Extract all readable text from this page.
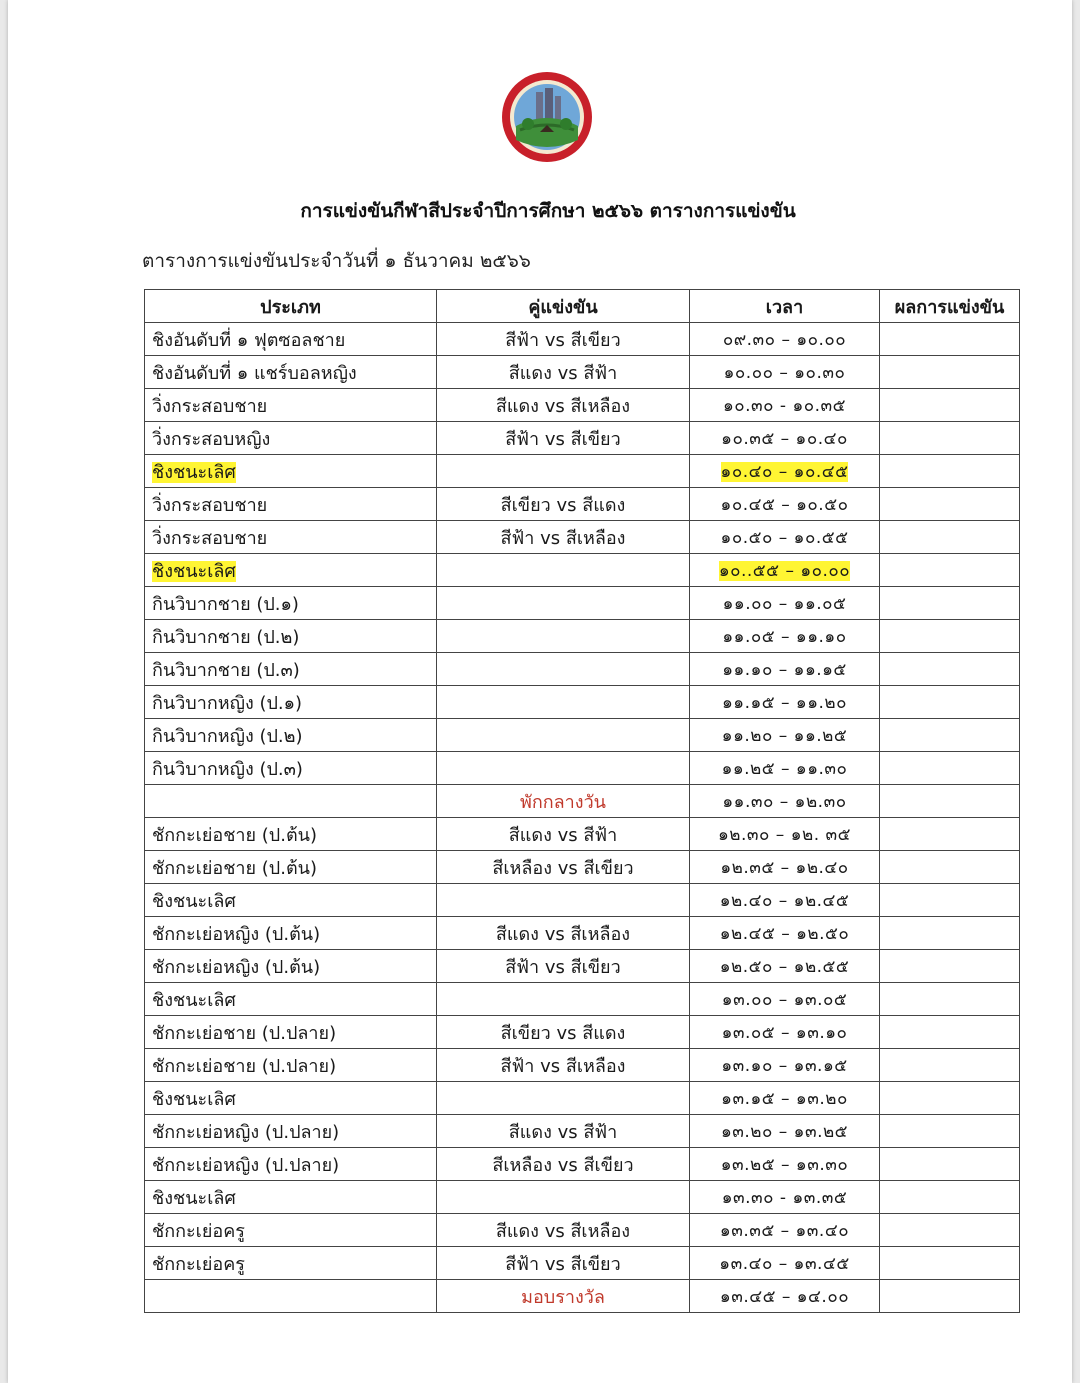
การแข่งขันกีฬาสีประจำปีการศึกษา ๒๕๖๖ ตารางการแข่งขัน
ตารางการแข่งขันประจำวันที่ ๑ ธันวาคม ๒๕๖๖
ประเภท	คู่แข่งขัน	เวลา	ผลการแข่งขัน
ชิงอันดับที่ ๑ ฟุตซอลชาย	สีฟ้า vs สีเขียว	๐๙.๓๐ – ๑๐.๐๐	
ชิงอันดับที่ ๑ แชร์บอลหญิง	สีแดง vs สีฟ้า	๑๐.๐๐ – ๑๐.๓๐	
วิ่งกระสอบชาย	สีแดง vs สีเหลือง	๑๐.๓๐ - ๑๐.๓๕	
วิ่งกระสอบหญิง	สีฟ้า vs สีเขียว	๑๐.๓๕ – ๑๐.๔๐	
ชิงชนะเลิศ		๑๐.๔๐ – ๑๐.๔๕	
วิ่งกระสอบชาย	สีเขียว vs สีแดง	๑๐.๔๕ – ๑๐.๕๐	
วิ่งกระสอบชาย	สีฟ้า vs สีเหลือง	๑๐.๕๐ – ๑๐.๕๕	
ชิงชนะเลิศ		๑๐..๕๕ – ๑๐.๐๐	
กินวิบากชาย (ป.๑)		๑๑.๐๐ – ๑๑.๐๕	
กินวิบากชาย (ป.๒)		๑๑.๐๕ – ๑๑.๑๐	
กินวิบากชาย (ป.๓)		๑๑.๑๐ – ๑๑.๑๕	
กินวิบากหญิง (ป.๑)		๑๑.๑๕ – ๑๑.๒๐	
กินวิบากหญิง (ป.๒)		๑๑.๒๐ – ๑๑.๒๕	
กินวิบากหญิง (ป.๓)		๑๑.๒๕ – ๑๑.๓๐	
	พักกลางวัน	๑๑.๓๐ – ๑๒.๓๐	
ชักกะเย่อชาย (ป.ต้น)	สีแดง vs สีฟ้า	๑๒.๓๐ – ๑๒. ๓๕	
ชักกะเย่อชาย (ป.ต้น)	สีเหลือง vs สีเขียว	๑๒.๓๕ – ๑๒.๔๐	
ชิงชนะเลิศ		๑๒.๔๐ – ๑๒.๔๕	
ชักกะเย่อหญิง (ป.ต้น)	สีแดง vs สีเหลือง	๑๒.๔๕ – ๑๒.๕๐	
ชักกะเย่อหญิง (ป.ต้น)	สีฟ้า vs สีเขียว	๑๒.๕๐ – ๑๒.๕๕	
ชิงชนะเลิศ		๑๓.๐๐ – ๑๓.๐๕	
ชักกะเย่อชาย (ป.ปลาย)	สีเขียว vs สีแดง	๑๓.๐๕ – ๑๓.๑๐	
ชักกะเย่อชาย (ป.ปลาย)	สีฟ้า vs สีเหลือง	๑๓.๑๐ – ๑๓.๑๕	
ชิงชนะเลิศ		๑๓.๑๕ – ๑๓.๒๐	
ชักกะเย่อหญิง (ป.ปลาย)	สีแดง vs สีฟ้า	๑๓.๒๐ – ๑๓.๒๕	
ชักกะเย่อหญิง (ป.ปลาย)	สีเหลือง vs สีเขียว	๑๓.๒๕ – ๑๓.๓๐	
ชิงชนะเลิศ		๑๓.๓๐ - ๑๓.๓๕	
ชักกะเย่อครู	สีแดง vs สีเหลือง	๑๓.๓๕ – ๑๓.๔๐	
ชักกะเย่อครู	สีฟ้า vs สีเขียว	๑๓.๔๐ – ๑๓.๔๕	
	มอบรางวัล	๑๓.๔๕ – ๑๔.๐๐	
